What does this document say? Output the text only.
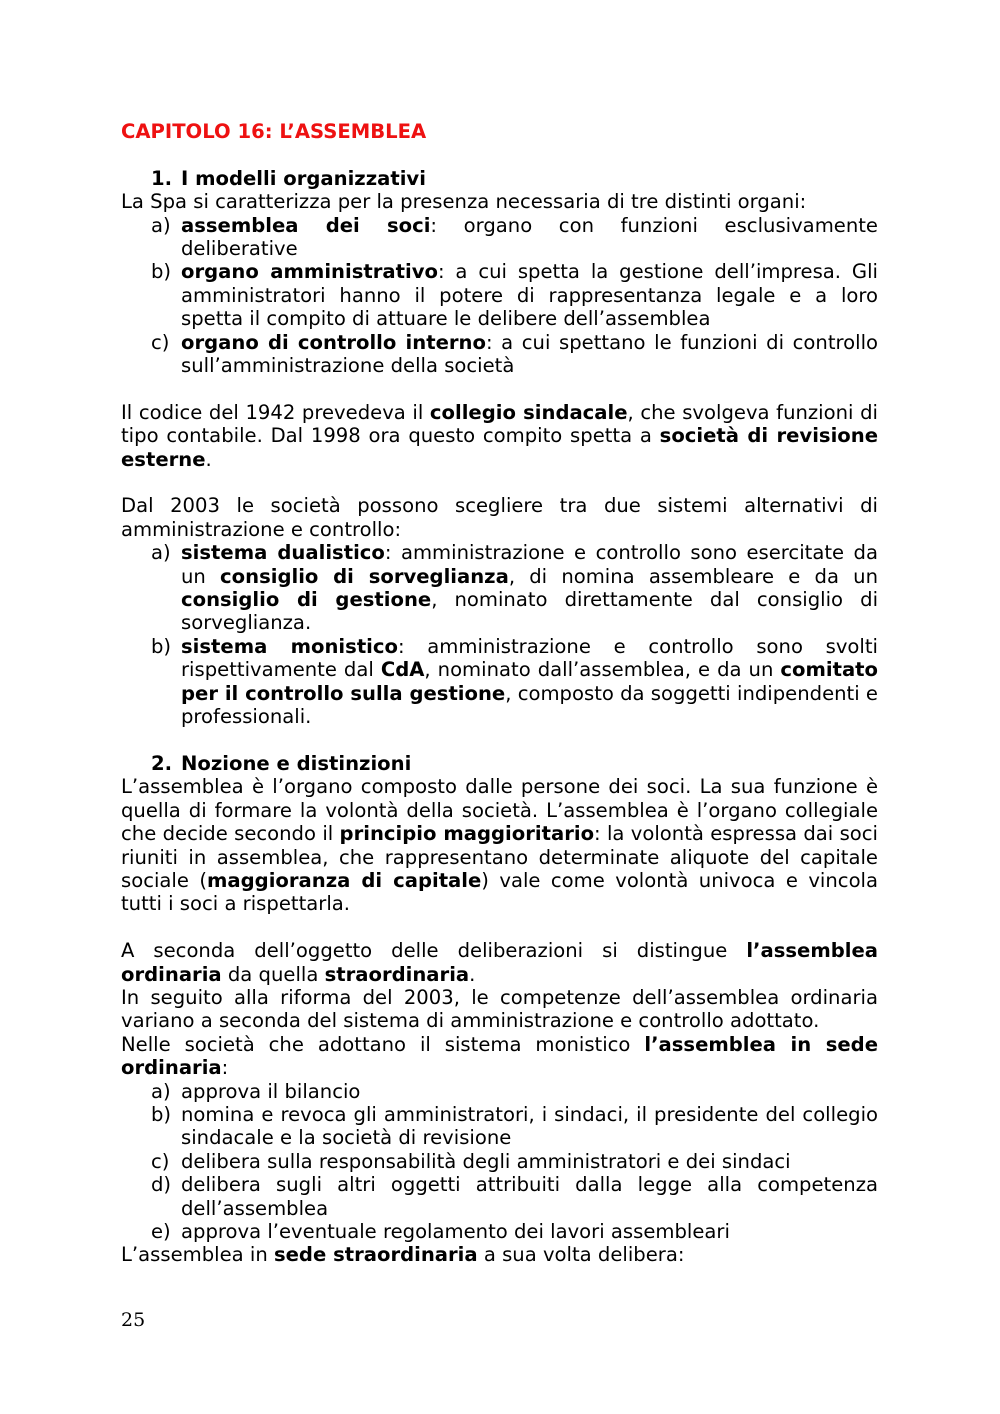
CAPITOLO 16: L’ASSEMBLEA
1. I modelli organizzativi

La Spa si caratterizza per la presenza necessaria di tre distinti organi:

a) assemblea dei soci: organo con funzioni esclusivamente deliberative
b) organo amministrativo: a cui spetta la gestione dell’impresa. Gli amministratori hanno il potere di rappresentanza legale e a loro spetta il compito di attuare le delibere dell’assemblea
c) organo di controllo interno: a cui spettano le funzioni di controllo sull’amministrazione della società

Il codice del 1942 prevedeva il collegio sindacale, che svolgeva funzioni di tipo contabile. Dal 1998 ora questo compito spetta a società di revisione esterne.

Dal 2003 le società possono scegliere tra due sistemi alternativi di amministrazione e controllo:

a) sistema dualistico: amministrazione e controllo sono esercitate da un consiglio di sorveglianza, di nomina assembleare e da un consiglio di gestione, nominato direttamente dal consiglio di sorveglianza.
b) sistema monistico: amministrazione e controllo sono svolti rispettivamente dal CdA, nominato dall’assemblea, e da un comitato per il controllo sulla gestione, composto da soggetti indipendenti e professionali.
2. Nozione e distinzioni

L’assemblea è l’organo composto dalle persone dei soci. La sua funzione è quella di formare la volontà della società. L’assemblea è l’organo collegiale che decide secondo il principio maggioritario: la volontà espressa dai soci riuniti in assemblea, che rappresentano determinate aliquote del capitale sociale (maggioranza di capitale) vale come volontà univoca e vincola tutti i soci a rispettarla.

A seconda dell’oggetto delle deliberazioni si distingue l’assemblea ordinaria da quella straordinaria.

In seguito alla riforma del 2003, le competenze dell’assemblea ordinaria variano a seconda del sistema di amministrazione e controllo adottato.

Nelle società che adottano il sistema monistico l’assemblea in sede ordinaria:

a) approva il bilancio
b) nomina e revoca gli amministratori, i sindaci, il presidente del collegio sindacale e la società di revisione
c) delibera sulla responsabilità degli amministratori e dei sindaci
d) delibera sugli altri oggetti attribuiti dalla legge alla competenza dell’assemblea
e) approva l’eventuale regolamento dei lavori assembleari

L’assemblea in sede straordinaria a sua volta delibera:

25
